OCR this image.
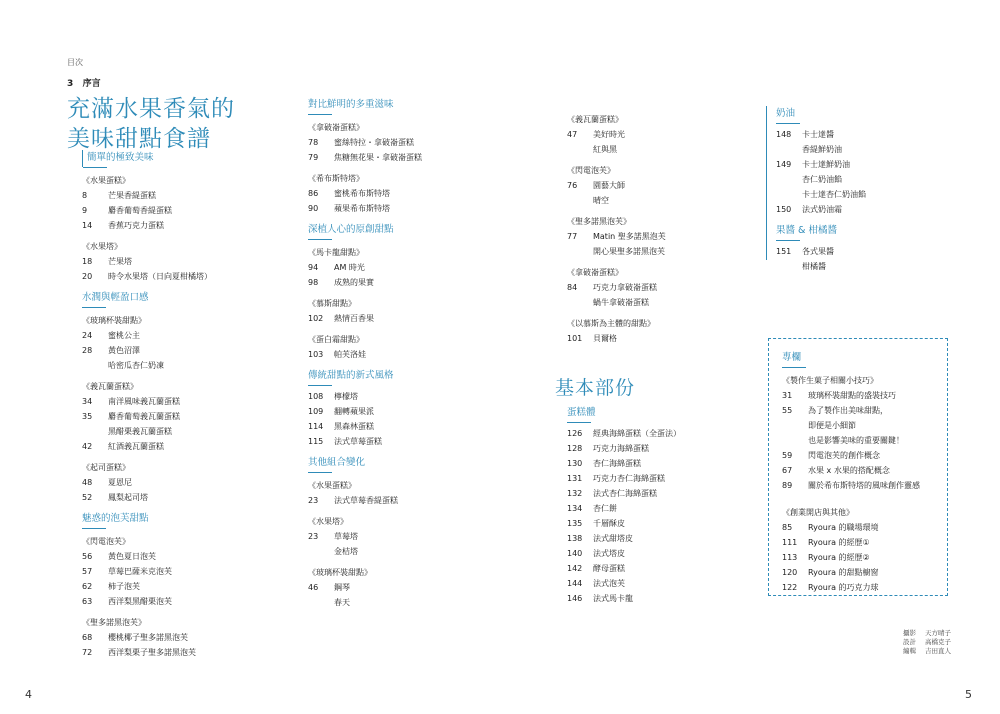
目次
3 序言
充滿水果香氣的
美味甜點食譜
簡單的極致美味
《水果蛋糕》
8	芒果香緹蛋糕
9	麝香葡萄香緹蛋糕
14	香蕉巧克力蛋糕
《水果塔》
18	芒果塔
20	時令水果塔（日向夏柑橘塔）
水潤與輕盈口感
《玻璃杯裝甜點》
24	蜜桃公主
28	黃色沼澤
哈密瓜杏仁奶凍
《義瓦蘭蛋糕》
34	南洋風味義瓦蘭蛋糕
35	麝香葡萄義瓦蘭蛋糕
黑醋栗義瓦蘭蛋糕
42	紅酒義瓦蘭蛋糕
《起司蛋糕》
48	夏恩尼
52	鳳梨起司塔
魅惑的泡芙甜點
《閃電泡芙》
56	黃色夏日泡芙
57	草莓巴薩米克泡芙
62	柿子泡芙
63	西洋梨黑醋栗泡芙
《聖多諾黑泡芙》
68	櫻桃椰子聖多諾黑泡芙
72	西洋梨栗子聖多諾黑泡芙
對比鮮明的多重滋味
《拿破崙蛋糕》
78	蜜絲特拉・拿破崙蛋糕
79	焦糖無花果・拿破崙蛋糕
《希布斯特塔》
86	蜜桃希布斯特塔
90	蘋果希布斯特塔
深植人心的原創甜點
《馬卡龍甜點》
94	AM 時光
98	成熟的果實
《慕斯甜點》
102	熱情百香果
《蛋白霜甜點》
103	帕芙洛娃
傳統甜點的新式風格
108	檸檬塔
109	翻轉蘋果派
114	黑森林蛋糕
115	法式草莓蛋糕
其他組合變化
《水果蛋糕》
23	法式草莓香緹蛋糕
《水果塔》
23	草莓塔
金桔塔
《玻璃杯裝甜點》
46	鋼琴
春天
《義瓦蘭蛋糕》
47	美好時光
紅與黑
《閃電泡芙》
76	園藝大師
晴空
《聖多諾黑泡芙》
77	Matin 聖多諾黑泡芙
開心果聖多諾黑泡芙
《拿破崙蛋糕》
84	巧克力拿破崙蛋糕
蝸牛拿破崙蛋糕
《以慕斯為主體的甜點》
101	貝爾格
基本部份
蛋糕體
126	經典海綿蛋糕（全蛋法）
128	巧克力海綿蛋糕
130	杏仁海綿蛋糕
131	巧克力杏仁海綿蛋糕
132	法式杏仁海綿蛋糕
134	杏仁餅
135	千層酥皮
138	法式甜塔皮
140	法式塔皮
142	酵母蛋糕
144	法式泡芙
146	法式馬卡龍
奶油
148	卡士達醬
香緹鮮奶油
149	卡士達鮮奶油
杏仁奶油餡
卡士達杏仁奶油餡
150	法式奶油霜
果醬 & 柑橘醬
151	各式果醬
柑橘醬
專欄
《製作生菓子相關小技巧》
31	玻璃杯裝甜點的盛裝技巧
55	為了製作出美味甜點，
即便是小細節
也是影響美味的重要關鍵！
59	閃電泡芙的創作概念
67	水果 x 水果的搭配概念
89	關於希布斯特塔的風味創作靈感
《創業開店與其他》
85	Ryoura 的職場環境
111	Ryoura 的經歷①
113	Ryoura 的經歷②
120	Ryoura 的甜點櫥窗
122	Ryoura 的巧克力球
攝影 天方晴子
設計 高橋克子
編輯 吉田直人
4	5
